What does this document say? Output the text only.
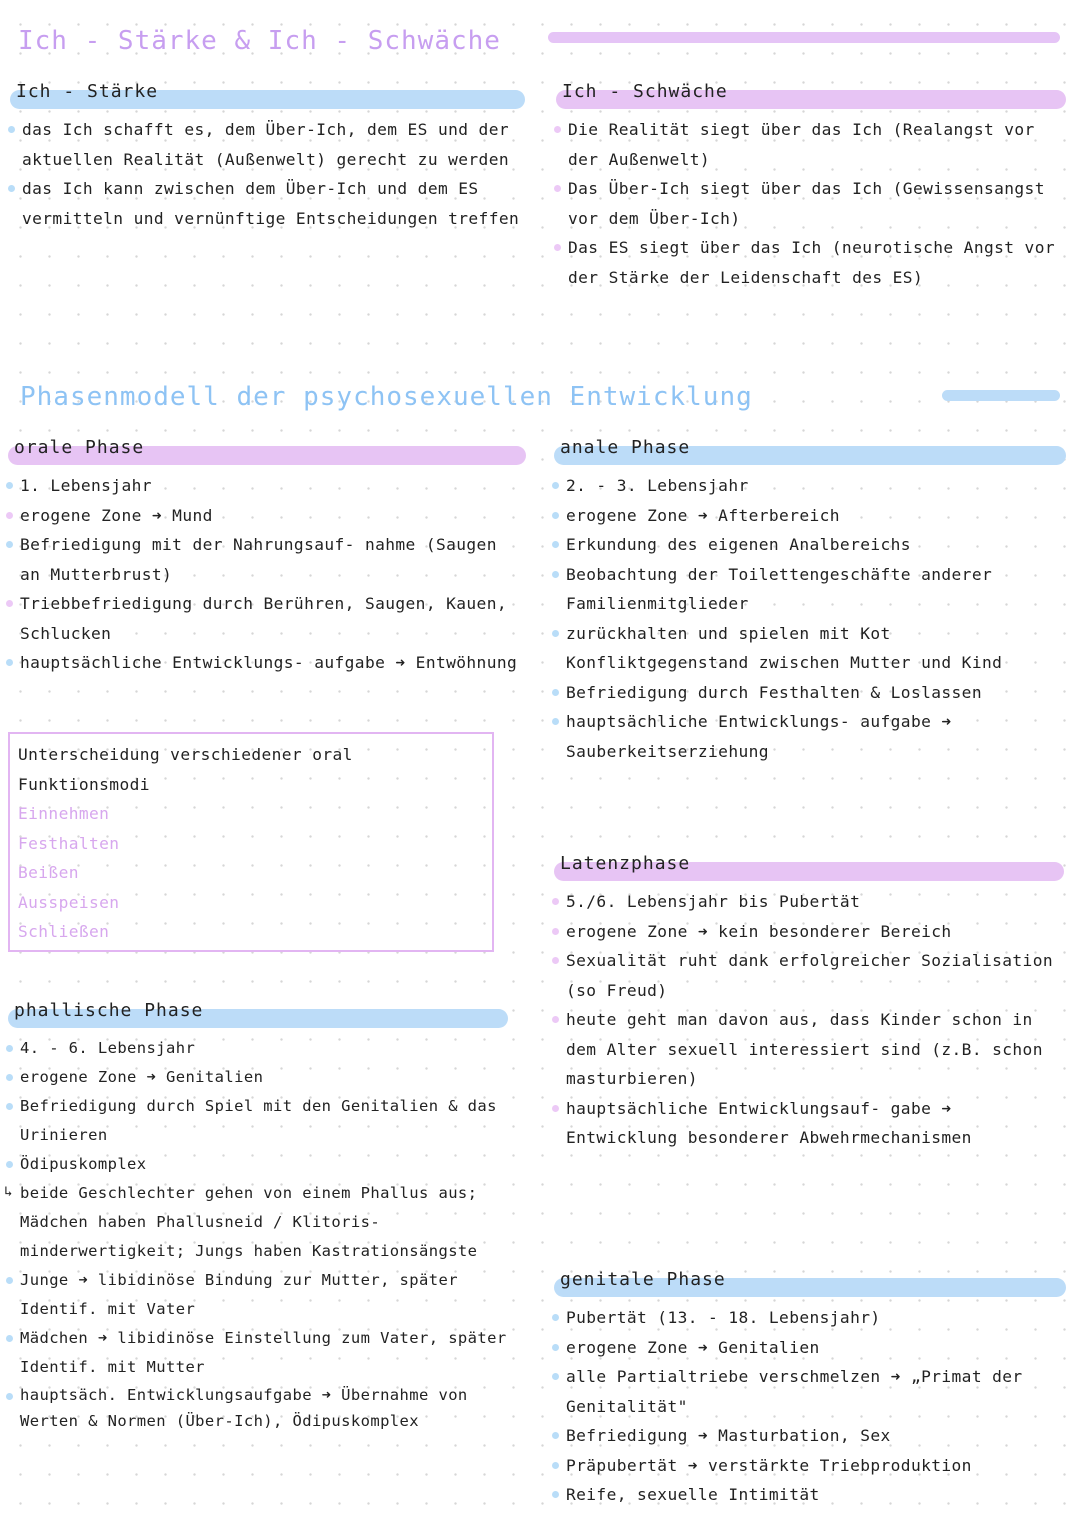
Ich - Stärke & Ich - Schwäche
Ich - Stärke
das Ich schafft es, dem Über-Ich, dem ES und der aktuellen Realität (Außenwelt) gerecht zu werden
das Ich kann zwischen dem Über-Ich und dem ES vermitteln und vernünftige Entscheidungen treffen
Ich - Schwäche
Die Realität siegt über das Ich (Realangst vor der Außenwelt)
Das Über-Ich siegt über das Ich (Gewissensangst vor dem Über-Ich)
Das ES siegt über das Ich (neurotische Angst vor der Stärke der Leidenschaft des ES)
Phasenmodell der psychosexuellen Entwicklung
orale Phase
1. Lebensjahr
erogene Zone ➜ Mund
Befriedigung mit der Nahrungsauf- nahme (Saugen an Mutterbrust)
Triebbefriedigung durch Berühren, Saugen, Kauen, Schlucken
hauptsächliche Entwicklungs- aufgabe ➜ Entwöhnung
Unterscheidung verschiedener oral Funktionsmodi
Einnehmen
Festhalten
Beißen
Ausspeisen
Schließen
anale Phase
2. - 3. Lebensjahr
erogene Zone ➜ Afterbereich
Erkundung des eigenen Analbereichs
Beobachtung der Toilettengeschäfte anderer Familienmitglieder
zurückhalten und spielen mit Kot Konfliktgegenstand zwischen Mutter und Kind
Befriedigung durch Festhalten & Loslassen
hauptsächliche Entwicklungs- aufgabe ➜ Sauberkeitserziehung
Latenzphase
5./6. Lebensjahr bis Pubertät
erogene Zone ➜ kein besonderer Bereich
Sexualität ruht dank erfolgreicher Sozialisation (so Freud)
heute geht man davon aus, dass Kinder schon in dem Alter sexuell interessiert sind (z.B. schon masturbieren)
hauptsächliche Entwicklungsauf- gabe ➜ Entwicklung besonderer Abwehrmechanismen
phallische Phase
4. - 6. Lebensjahr
erogene Zone ➜ Genitalien
Befriedigung durch Spiel mit den Genitalien & das Urinieren
Ödipuskomplex
↳ beide Geschlechter gehen von einem Phallus aus; Mädchen haben Phallusneid / Klitoris- minderwertigkeit; Jungs haben Kastrationsängste
Junge ➜ libidinöse Bindung zur Mutter, später Identif. mit Vater
Mädchen ➜ libidinöse Einstellung zum Vater, später Identif. mit Mutter
hauptsäch. Entwicklungsaufgabe ➜ Übernahme von Werten & Normen (Über-Ich), Ödipuskomplex
genitale Phase
Pubertät (13. - 18. Lebensjahr)
erogene Zone ➜ Genitalien
alle Partialtriebe verschmelzen ➜ „Primat der Genitalität"
Befriedigung ➜ Masturbation, Sex
Präpubertät ➜ verstärkte Triebproduktion
Reife, sexuelle Intimität
